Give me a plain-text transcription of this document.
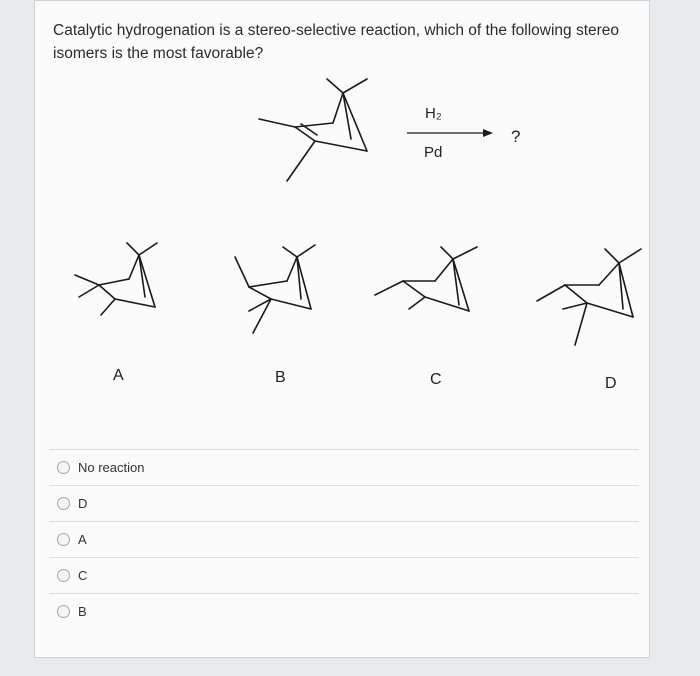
Catalytic hydrogenation is a stereo-selective reaction, which of the following stereo isomers is the most favorable?

H₂
Pd
?
A	B	C	D
No reaction
D
A
C
B
